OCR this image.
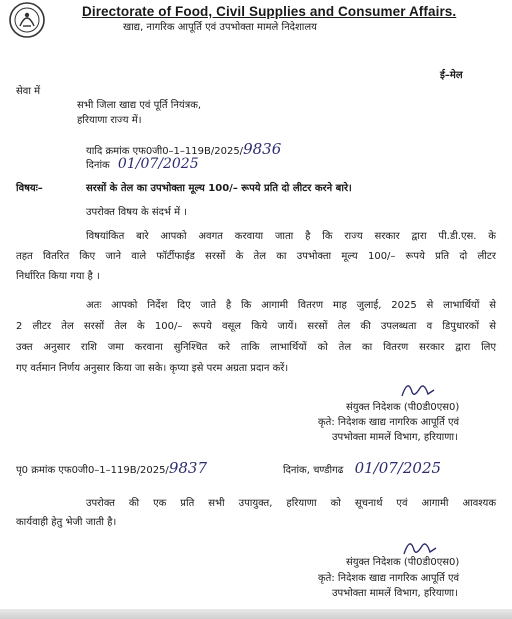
Directorate of Food, Civil Supplies and Consumer Affairs.
खाद्य, नागरिक आपूर्ति एवं उपभोक्ता मामले निदेशालय
ई–मेल
सेवा में
सभी जिला खाद्य एवं पूर्ति नियंत्रक,
हरियाणा राज्य में।
यादि क्रमांक एफ0जी0–1–119B/2025/9836
दिनांक 01/07/2025
विषयः–	सरसों के तेल का उपभोक्ता मूल्य 100/– रूपये प्रति दो लीटर करने बारे।
उपरोक्त विषय के संदर्भ में ।
विषयांकित बारे आपको अवगत करवाया जाता है कि राज्य सरकार द्वारा पी.डी.एस. के
तहत वितरित किए जाने वाले फॉर्टीफाईड सरसों के तेल का उपभोक्ता मूल्य 100/– रूपये प्रति दो लीटर
निर्धारित किया गया है ।
अतः आपको निर्देश दिए जाते है कि आगामी वितरण माह जुलाई, 2025 से लाभार्थियों से
2 लीटर तेल सरसों तेल के 100/– रूपये वसूल किये जायें। सरसों तेल की उपलब्धता व डिपुधारकों से
उक्त अनुसार राशि जमा करवाना सुनिश्चित करे ताकि लाभार्थियों को तेल का वितरण सरकार द्वारा लिए
गए वर्तमान निर्णय अनुसार किया जा सके। कृप्या इसे परम अग्रता प्रदान करें।
संयुक्त निदेशक (पी0डी0एस0)
कृते: निदेशक खाद्य नागरिक आपूर्ति एवं
उपभोक्ता मामलें विभाग, हरियाणा।
पृ0 क्रमांक एफ0जी0–1–119B/2025/9837	दिनांक, चण्डीगढ 01/07/2025
उपरोक्त की एक प्रति सभी उपायुक्त, हरियाणा को सूचनार्थ एवं आगामी आवश्यक
कार्यवाही हेतु भेजी जाती है।
संयुक्त निदेशक (पी0डी0एस0)
कृते: निदेशक खाद्य नागरिक आपूर्ति एवं
उपभोक्ता मामलें विभाग, हरियाणा।
